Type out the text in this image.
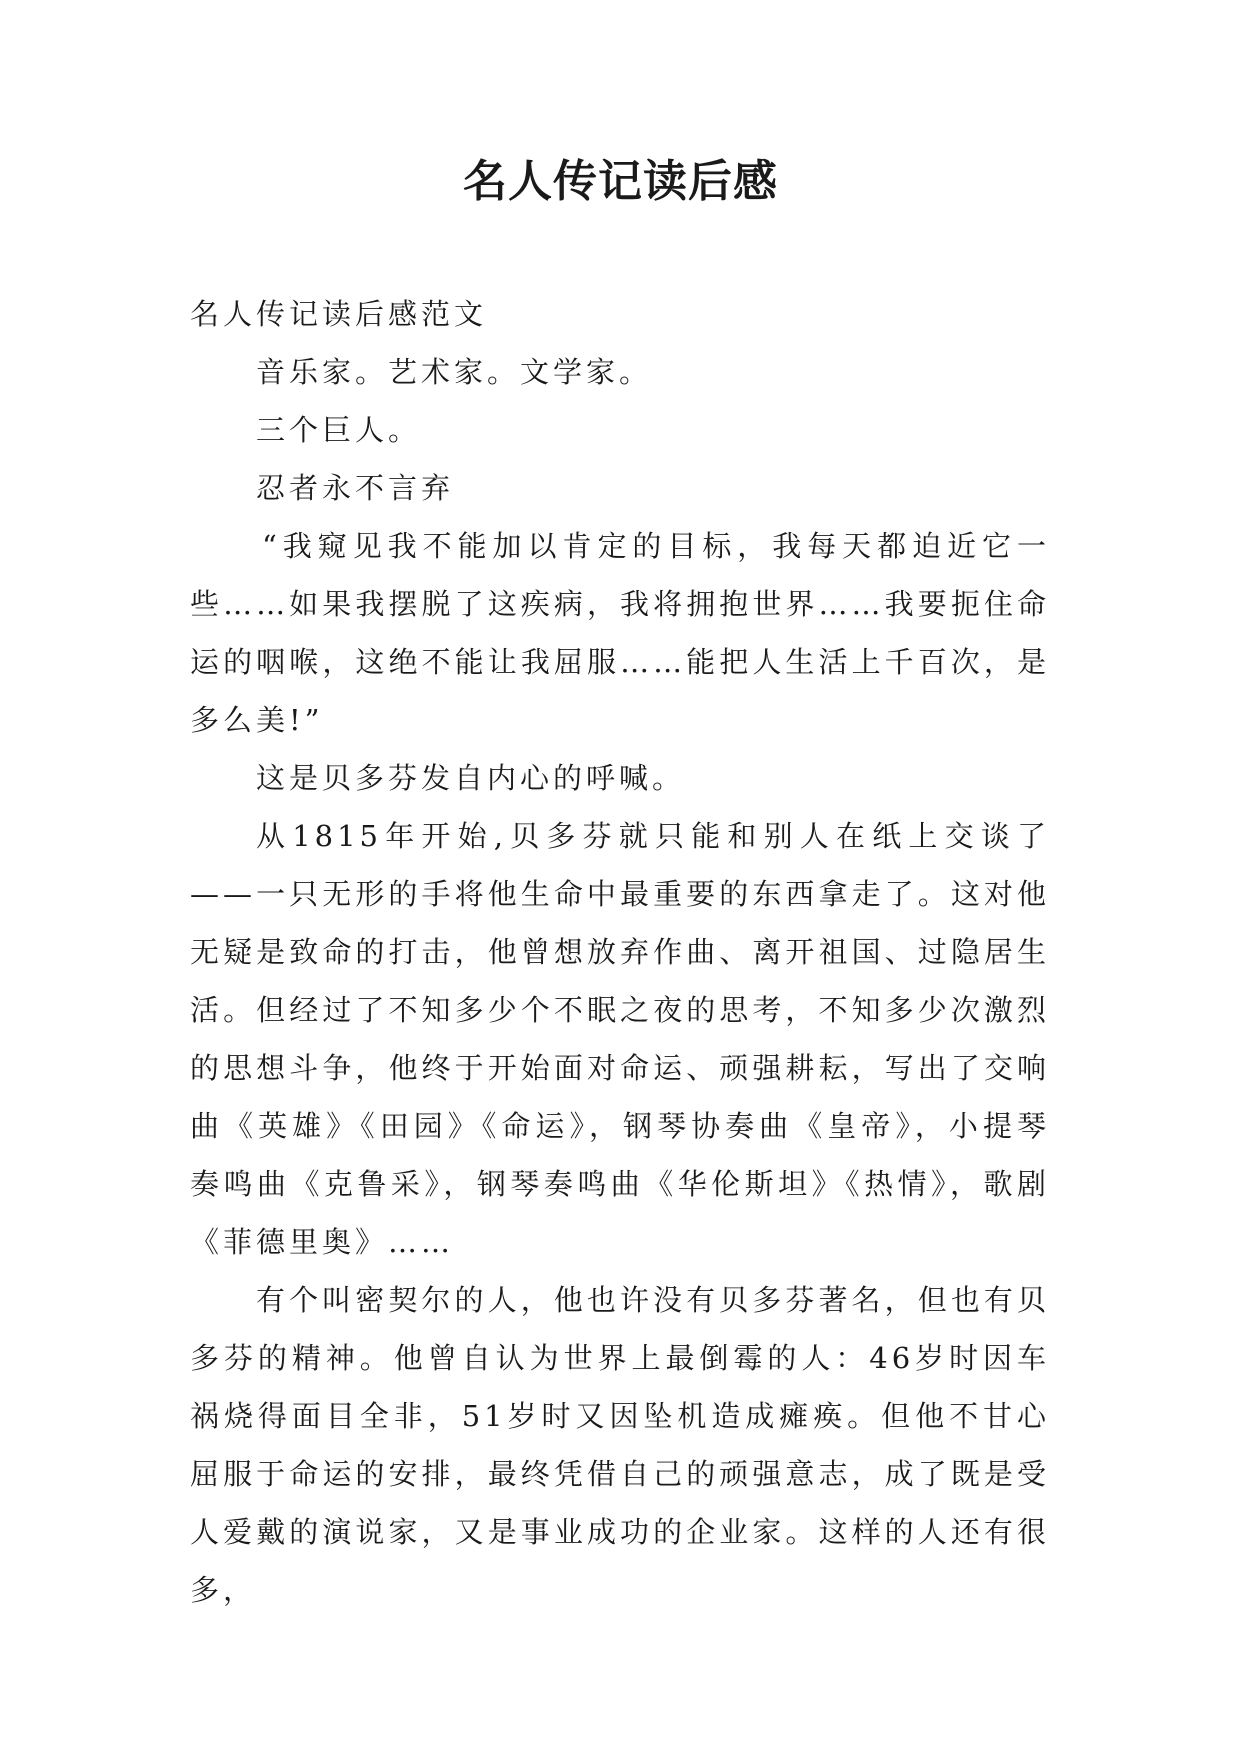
名人传记读后感

名人传记读后感范文

音乐家。艺术家。文学家。

三个巨人。

忍者永不言弃

“我窥见我不能加以肯定的目标，我每天都迫近它一些……如果我摆脱了这疾病，我将拥抱世界……我要扼住命运的咽喉，这绝不能让我屈服……能把人生活上千百次，是多么美!”

这是贝多芬发自内心的呼喊。

从1815年开始,贝多芬就只能和别人在纸上交谈了——一只无形的手将他生命中最重要的东西拿走了。这对他无疑是致命的打击，他曾想放弃作曲、离开祖国、过隐居生活。但经过了不知多少个不眠之夜的思考，不知多少次激烈的思想斗争，他终于开始面对命运、顽强耕耘，写出了交响曲《英雄》《田园》《命运》，钢琴协奏曲《皇帝》，小提琴奏鸣曲《克鲁采》，钢琴奏鸣曲《华伦斯坦》《热情》，歌剧《菲德里奥》……

有个叫密契尔的人，他也许没有贝多芬著名，但也有贝多芬的精神。他曾自认为世界上最倒霉的人：46岁时因车祸烧得面目全非，51岁时又因坠机造成瘫痪。但他不甘心屈服于命运的安排，最终凭借自己的顽强意志，成了既是受人爱戴的演说家，又是事业成功的企业家。这样的人还有很多，
